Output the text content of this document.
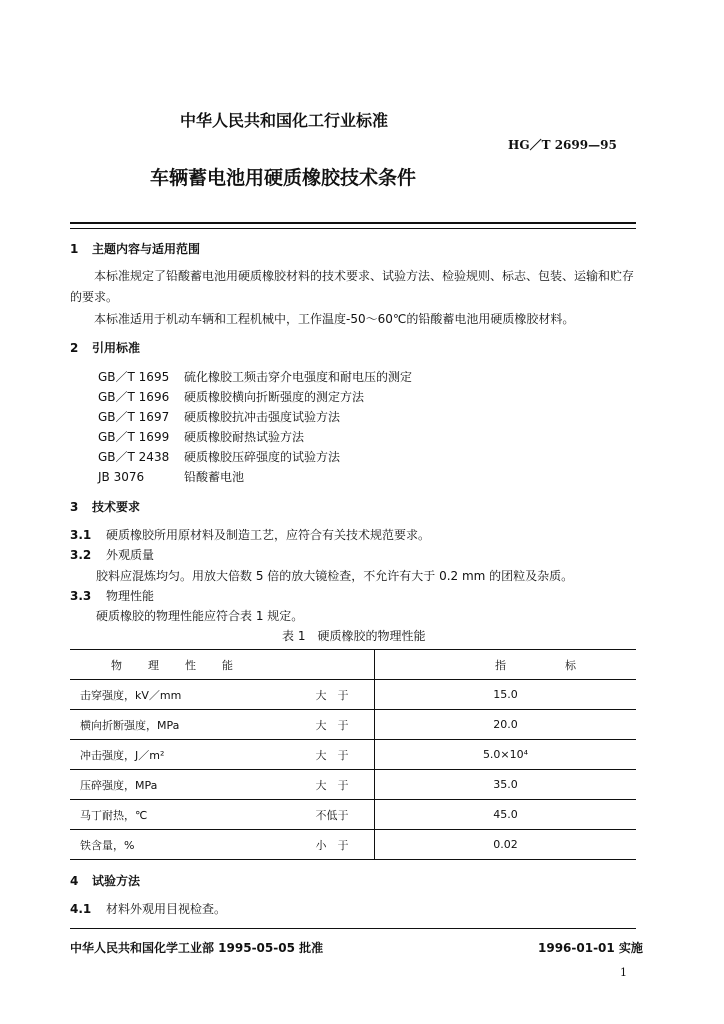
中华人民共和国化工行业标准
HG／T 2699—95
车辆蓄电池用硬质橡胶技术条件
1 主题内容与适用范围
本标准规定了铅酸蓄电池用硬质橡胶材料的技术要求、试验方法、检验规则、标志、包装、运输和贮存的要求。
本标准适用于机动车辆和工程机械中，工作温度-50～60℃的铅酸蓄电池用硬质橡胶材料。
2 引用标准
GB／T 1695 硫化橡胶工频击穿介电强度和耐电压的测定
GB／T 1696 硬质橡胶横向折断强度的测定方法
GB／T 1697 硬质橡胶抗冲击强度试验方法
GB／T 1699 硬质橡胶耐热试验方法
GB／T 2438 硬质橡胶压碎强度的试验方法
JB 3076	铅酸蓄电池
3 技术要求
3.1 硬质橡胶所用原材料及制造工艺，应符合有关技术规范要求。
3.2 外观质量
胶料应混炼均匀。用放大倍数 5 倍的放大镜检查，不允许有大于 0.2 mm 的团粒及杂质。
3.3 物理性能
硬质橡胶的物理性能应符合表 1 规定。
表 1　硬质橡胶的物理性能
物理性能		指 标

击穿强度，kV／mm	大　于	15.0
横向折断强度，MPa	大　于	20.0
冲击强度，J／m²	大　于	5.0×10⁴
压碎强度，MPa	大　于	35.0
马丁耐热，℃	不低于	45.0
铁含量，%	小　于	0.02
4 试验方法
4.1 材料外观用目视检查。
中华人民共和国化学工业部 1995-05-05 批准	1996-01-01 实施
1
